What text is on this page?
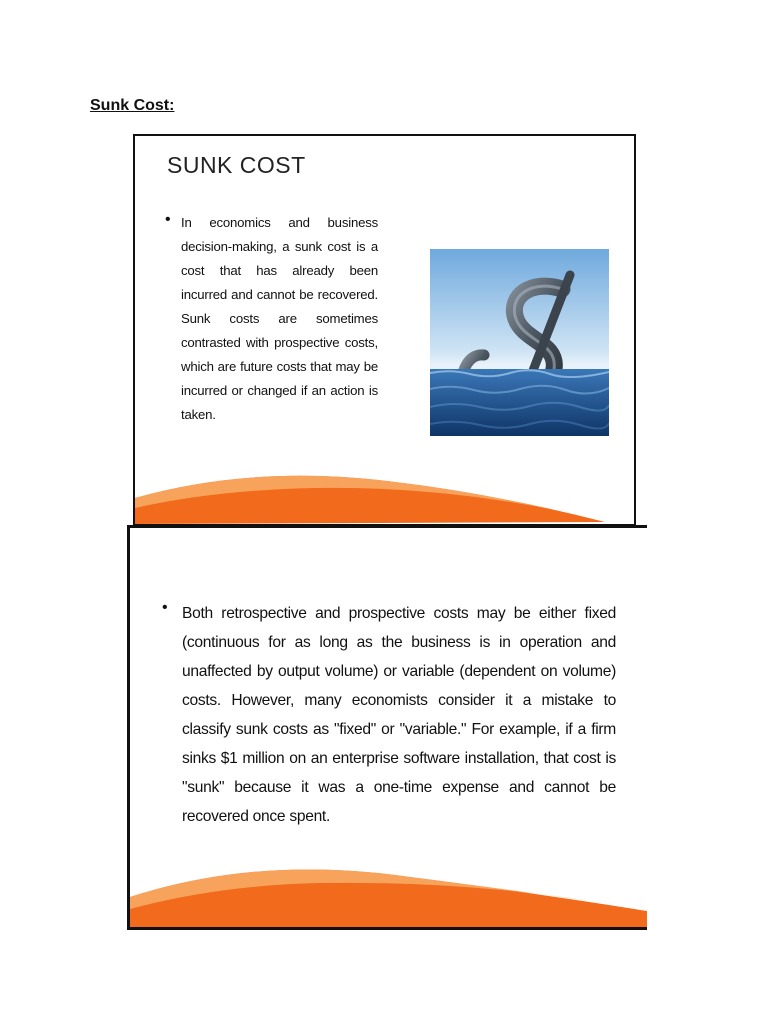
Sunk Cost:
SUNK COST
• In economics and business decision-making, a sunk cost is a cost that has already been incurred and cannot be recovered. Sunk costs are sometimes contrasted with prospective costs, which are future costs that may be incurred or changed if an action is taken.
• Both retrospective and prospective costs may be either fixed (continuous for as long as the business is in operation and unaffected by output volume) or variable (dependent on volume) costs. However, many economists consider it a mistake to classify sunk costs as "fixed" or "variable." For example, if a firm sinks $1 million on an enterprise software installation, that cost is "sunk" because it was a one-time expense and cannot be recovered once spent.
